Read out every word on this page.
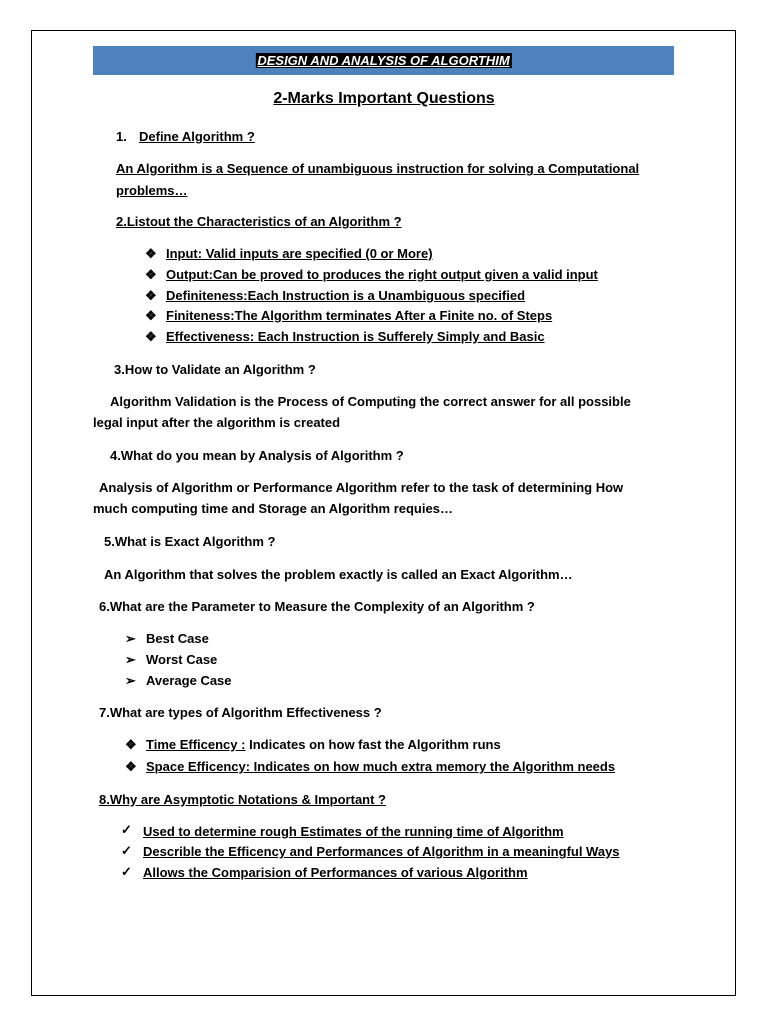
DESIGN AND ANALYSIS OF ALGORTHIM
2-Marks Important Questions
1. Define Algorithm ?
An Algorithm is a Sequence of unambiguous instruction for solving a Computational
problems…
2.Listout the Characteristics of an Algorithm ?
❖ Input: Valid inputs are specified (0 or More)
❖ Output:Can be proved to produces the right output given a valid input
❖ Definiteness:Each Instruction is a Unambiguous specified
❖ Finiteness:The Algorithm terminates After a Finite no. of Steps
❖ Effectiveness: Each Instruction is Sufferely Simply and Basic
3.How to Validate an Algorithm ?
Algorithm Validation is the Process of Computing the correct answer for all possible
legal input after the algorithm is created
4.What do you mean by Analysis of Algorithm ?
Analysis of Algorithm or Performance Algorithm refer to the task of determining How
much computing time and Storage an Algorithm requies…
5.What is Exact Algorithm ?
An Algorithm that solves the problem exactly is called an Exact Algorithm…
6.What are the Parameter to Measure the Complexity of an Algorithm ?
➢ Best Case
➢ Worst Case
➢ Average Case
7.What are types of Algorithm Effectiveness ?
❖ Time Efficency : Indicates on how fast the Algorithm runs
❖ Space Efficency: Indicates on how much extra memory the Algorithm needs
8.Why are Asymptotic Notations & Important ?
✓ Used to determine rough Estimates of the running time of Algorithm
✓ Describle the Efficency and Performances of Algorithm in a meaningful Ways
✓ Allows the Comparision of Performances of various Algorithm
